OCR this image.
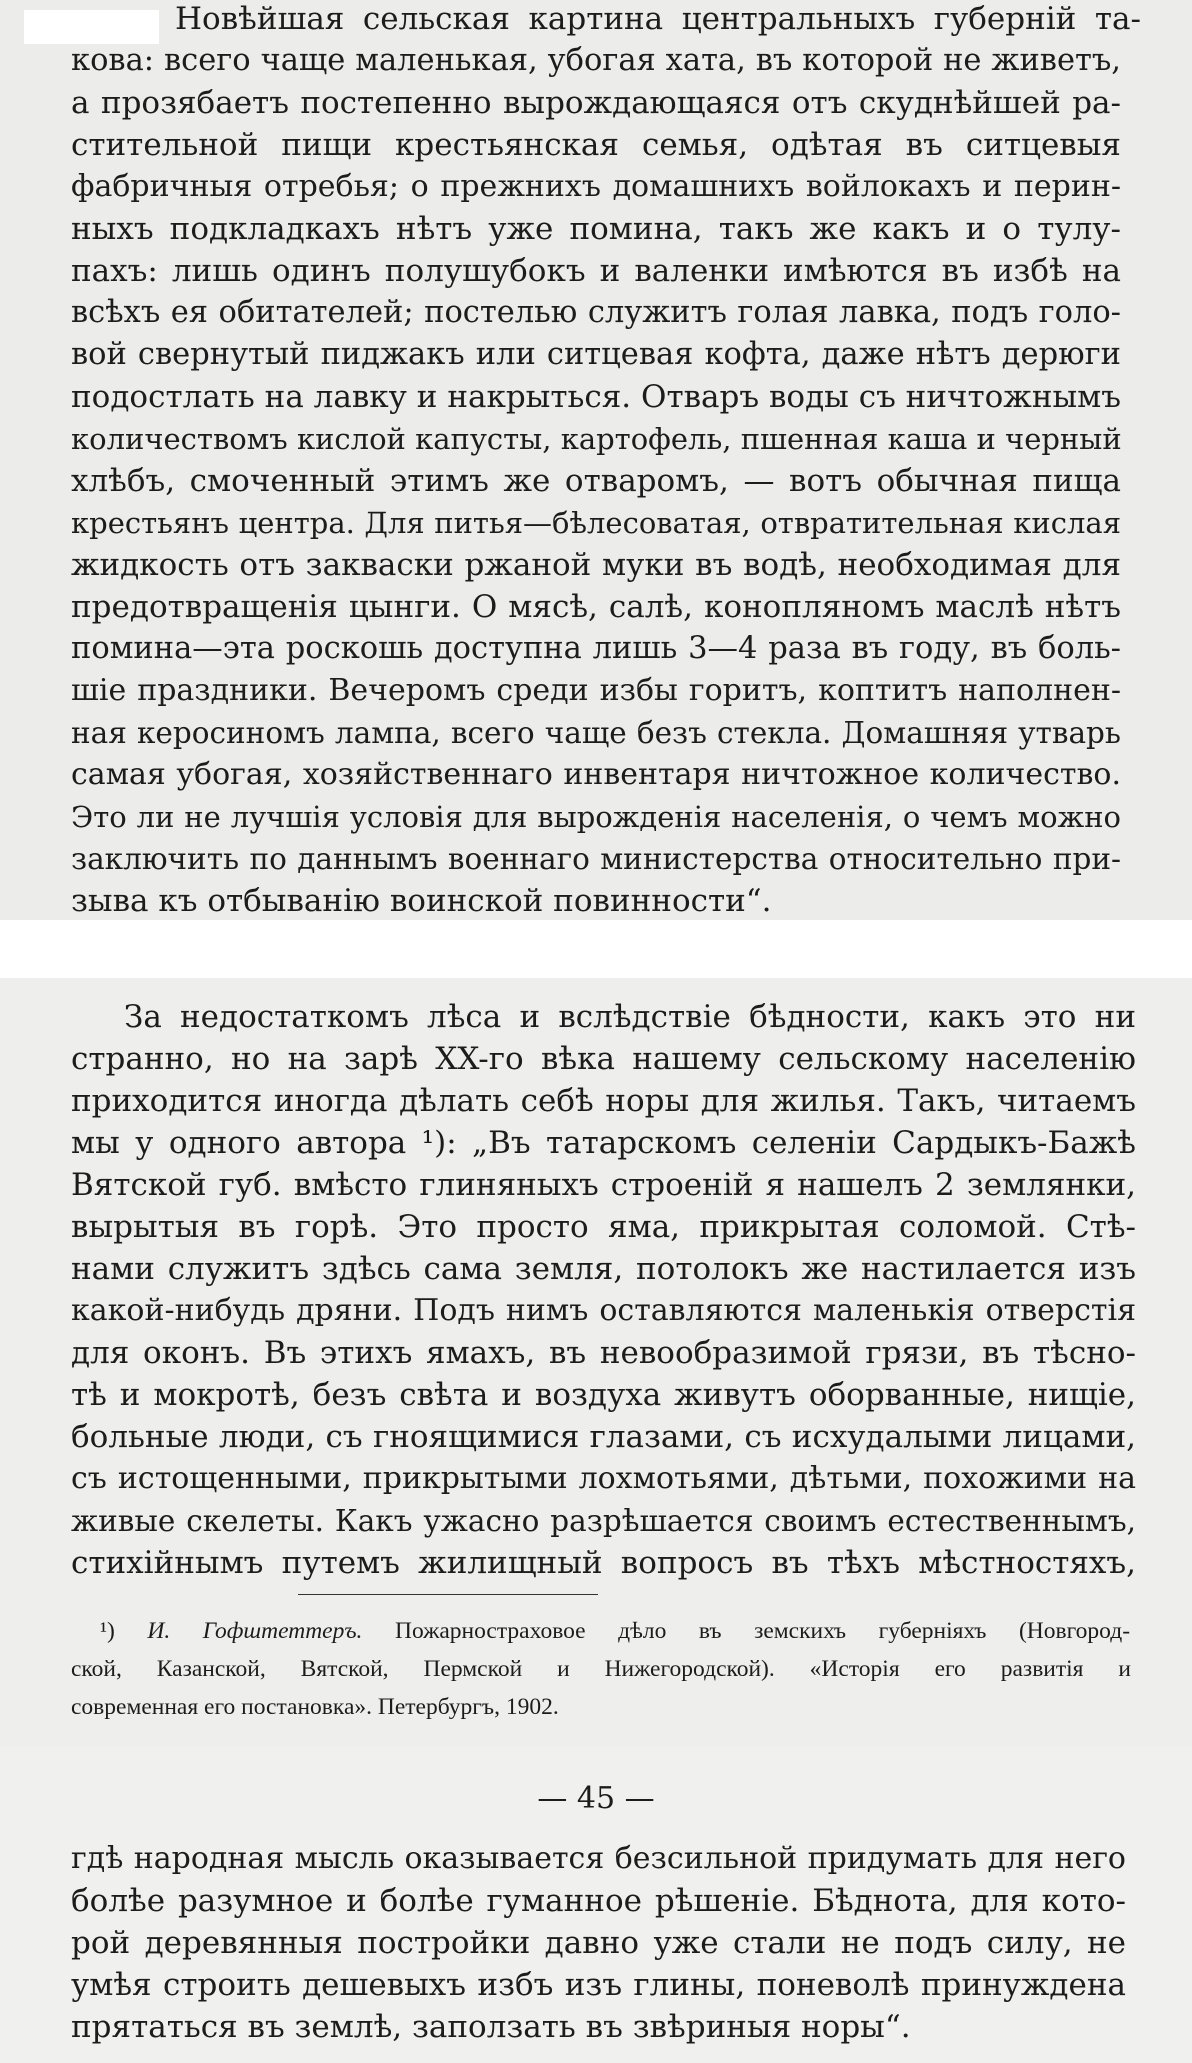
Новѣйшая сельская картина центральныхъ губерній та-

кова: всего чаще маленькая, убогая хата, въ которой не живетъ,

а прозябаетъ постепенно вырождающаяся отъ скуднѣйшей ра-

стительной пищи крестьянская семья, одѣтая въ ситцевыя

фабричныя отребья; о прежнихъ домашнихъ войлокахъ и перин-

ныхъ подкладкахъ нѣтъ уже помина, такъ же какъ и о тулу-

пахъ: лишь одинъ полушубокъ и валенки имѣются въ избѣ на

всѣхъ ея обитателей; постелью служитъ голая лавка, подъ голо-

вой свернутый пиджакъ или ситцевая кофта, даже нѣтъ дерюги

подостлать на лавку и накрыться. Отваръ воды съ ничтожнымъ

количествомъ кислой капусты, картофель, пшенная каша и черный

хлѣбъ, смоченный этимъ же отваромъ, — вотъ обычная пища

крестьянъ центра. Для питья—бѣлесоватая, отвратительная кислая

жидкость отъ закваски ржаной муки въ водѣ, необходимая для

предотвращенія цынги. О мясѣ, салѣ, конопляномъ маслѣ нѣтъ

помина—эта роскошь доступна лишь 3—4 раза въ году, въ боль-

шіе праздники. Вечеромъ среди избы горитъ, коптитъ наполнен-

ная керосиномъ лампа, всего чаще безъ стекла. Домашняя утварь

самая убогая, хозяйственнаго инвентаря ничтожное количество.

Это ли не лучшія условія для вырожденія населенія, о чемъ можно

заключить по даннымъ военнаго министерства относительно при-

зыва къ отбыванію воинской повинности“.

За недостаткомъ лѣса и вслѣдствіе бѣдности, какъ это ни

странно, но на зарѣ XX-го вѣка нашему сельскому населенію

приходится иногда дѣлать себѣ норы для жилья. Такъ, читаемъ

мы у одного автора ¹): „Въ татарскомъ селеніи Сардыкъ-Бажѣ

Вятской губ. вмѣсто глиняныхъ строеній я нашелъ 2 землянки,

вырытыя въ горѣ. Это просто яма, прикрытая соломой. Стѣ-

нами служитъ здѣсь сама земля, потолокъ же настилается изъ

какой-нибудь дряни. Подъ нимъ оставляются маленькія отверстія

для оконъ. Въ этихъ ямахъ, въ невообразимой грязи, въ тѣсно-

тѣ и мокротѣ, безъ свѣта и воздуха живутъ оборванные, нищіе,

больные люди, съ гноящимися глазами, съ исхудалыми лицами,

съ истощенными, прикрытыми лохмотьями, дѣтьми, похожими на

живые скелеты. Какъ ужасно разрѣшается своимъ естественнымъ,

стихійнымъ путемъ жилищный вопросъ въ тѣхъ мѣстностяхъ,

¹) И. Гофштеттеръ. Пожарностраховое дѣло въ земскихъ губерніяхъ (Новгород-

ской, Казанской, Вятской, Пермской и Нижегородской). «Исторія его развитія и

современная его постановка». Петербургъ, 1902.

— 45 —

гдѣ народная мысль оказывается безсильной придумать для него

болѣе разумное и болѣе гуманное рѣшеніе. Бѣднота, для кото-

рой деревянныя постройки давно уже стали не подъ силу, не

умѣя строить дешевыхъ избъ изъ глины, поневолѣ принуждена

прятаться въ землѣ, заползать въ звѣриныя норы“.
